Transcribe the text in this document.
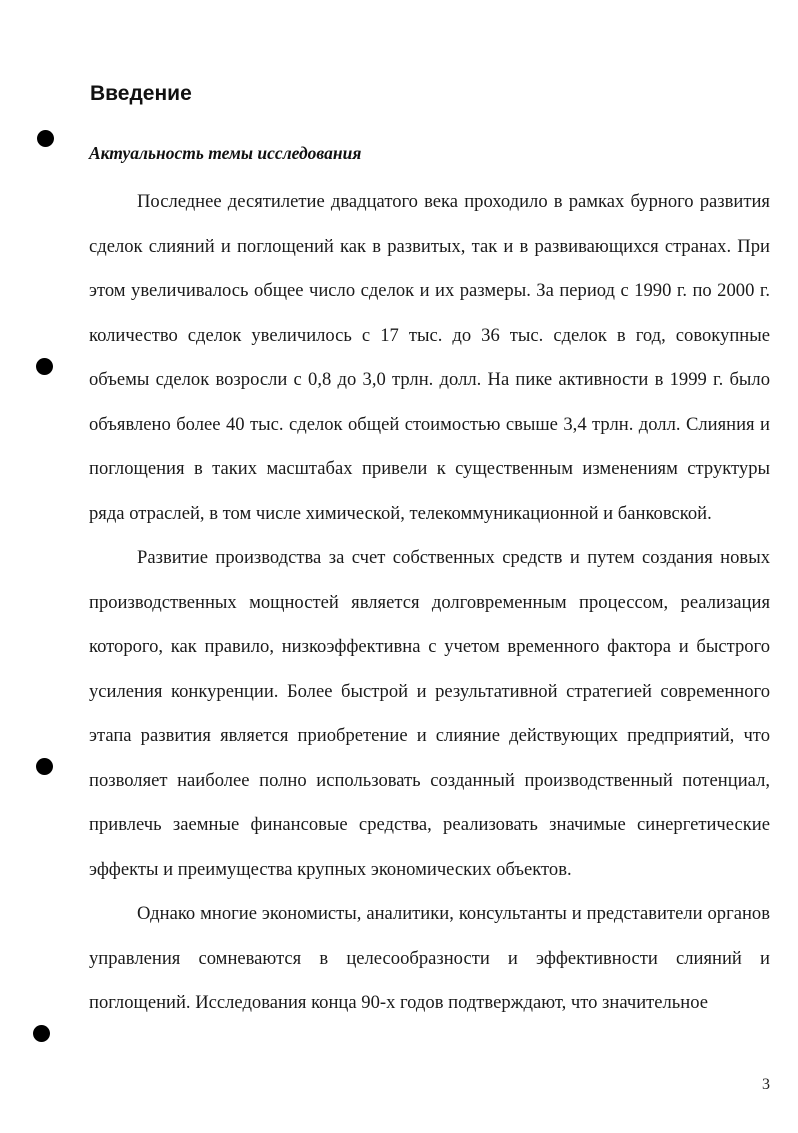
Введение
Актуальность темы исследования

Последнее десятилетие двадцатого века проходило в рамках бурного развития сделок слияний и поглощений как в развитых, так и в развивающихся странах. При этом увеличивалось общее число сделок и их размеры. За период с 1990 г. по 2000 г. количество сделок увеличилось с 17 тыс. до 36 тыс. сделок в год, совокупные объемы сделок возросли с 0,8 до 3,0 трлн. долл. На пике активности в 1999 г. было объявлено более 40 тыс. сделок общей стоимостью свыше 3,4 трлн. долл. Слияния и поглощения в таких масштабах привели к существенным изменениям структуры ряда отраслей, в том числе химической, телекоммуникационной и банковской.

Развитие производства за счет собственных средств и путем создания новых производственных мощностей является долговременным процессом, реализация которого, как правило, низкоэффективна с учетом временного фактора и быстрого усиления конкуренции. Более быстрой и результативной стратегией современного этапа развития является приобретение и слияние действующих предприятий, что позволяет наиболее полно использовать созданный производственный потенциал, привлечь заемные финансовые средства, реализовать значимые синергетические эффекты и преимущества крупных экономических объектов.

Однако многие экономисты, аналитики, консультанты и представители органов управления сомневаются в целесообразности и эффективности слияний и поглощений. Исследования конца 90-х годов подтверждают, что значительное

3
